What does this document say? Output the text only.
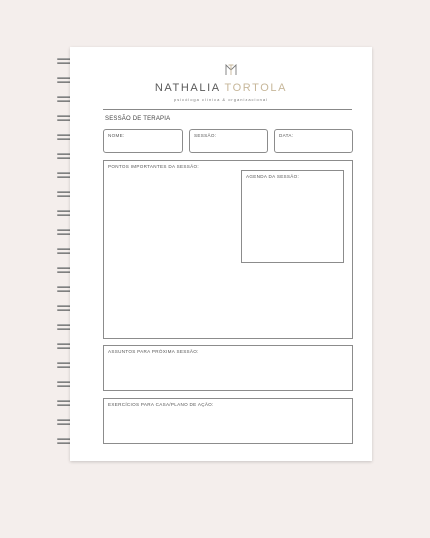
NATHALIA TORTOLA
psicóloga clínica & organizacional
SESSÃO DE TERAPIA
NOME:	SESSÃO:	DATA:
PONTOS IMPORTANTES DA SESSÃO:
AGENDA DA SESSÃO:
ASSUNTOS PARA PRÓXIMA SESSÃO:
EXERCÍCIOS PARA CASA/PLANO DE AÇÃO:
